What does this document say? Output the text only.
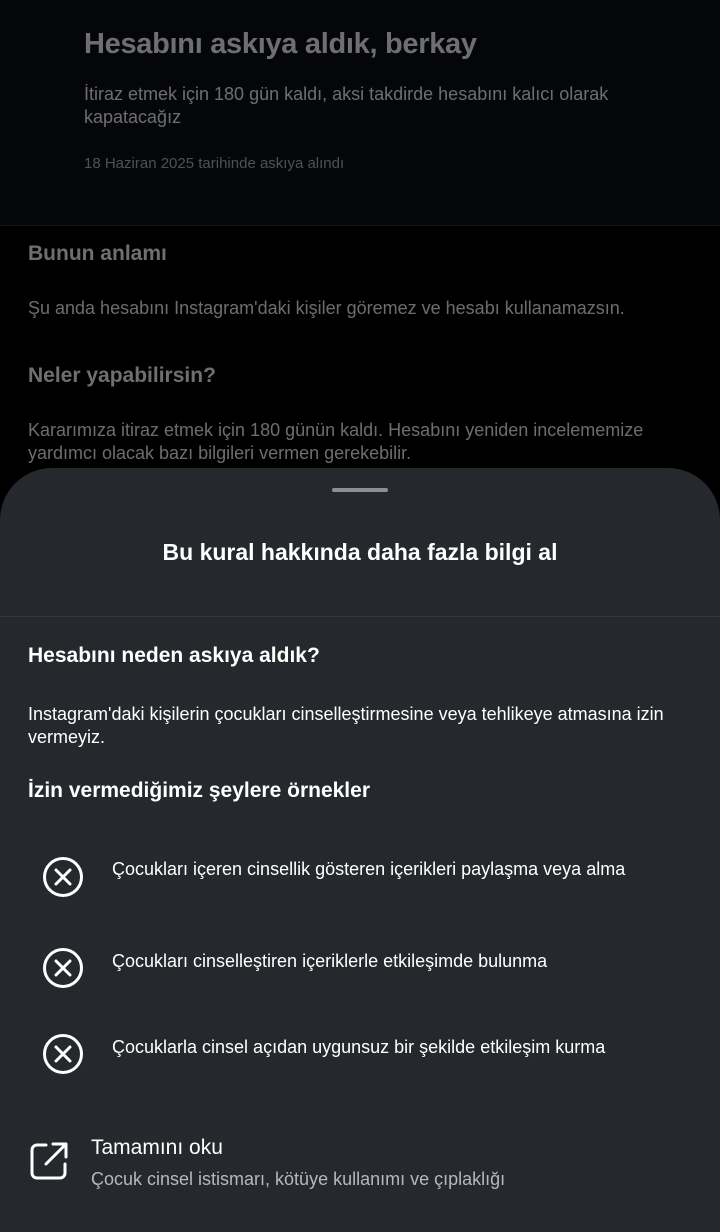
Hesabını askıya aldık, berkay
İtiraz etmek için 180 gün kaldı, aksi takdirde hesabını kalıcı olarak kapatacağız
18 Haziran 2025 tarihinde askıya alındı
Bunun anlamı
Şu anda hesabını Instagram'daki kişiler göremez ve hesabı kullanamazsın.
Neler yapabilirsin?
Kararımıza itiraz etmek için 180 günün kaldı. Hesabını yeniden incelememize yardımcı olacak bazı bilgileri vermen gerekebilir.
Bu kural hakkında daha fazla bilgi al
Hesabını neden askıya aldık?
Instagram'daki kişilerin çocukları cinselleştirmesine veya tehlikeye atmasına izin vermeyiz.
İzin vermediğimiz şeylere örnekler
Çocukları içeren cinsellik gösteren içerikleri paylaşma veya alma
Çocukları cinselleştiren içeriklerle etkileşimde bulunma
Çocuklarla cinsel açıdan uygunsuz bir şekilde etkileşim kurma
Tamamını oku
Çocuk cinsel istismarı, kötüye kullanımı ve çıplaklığı
